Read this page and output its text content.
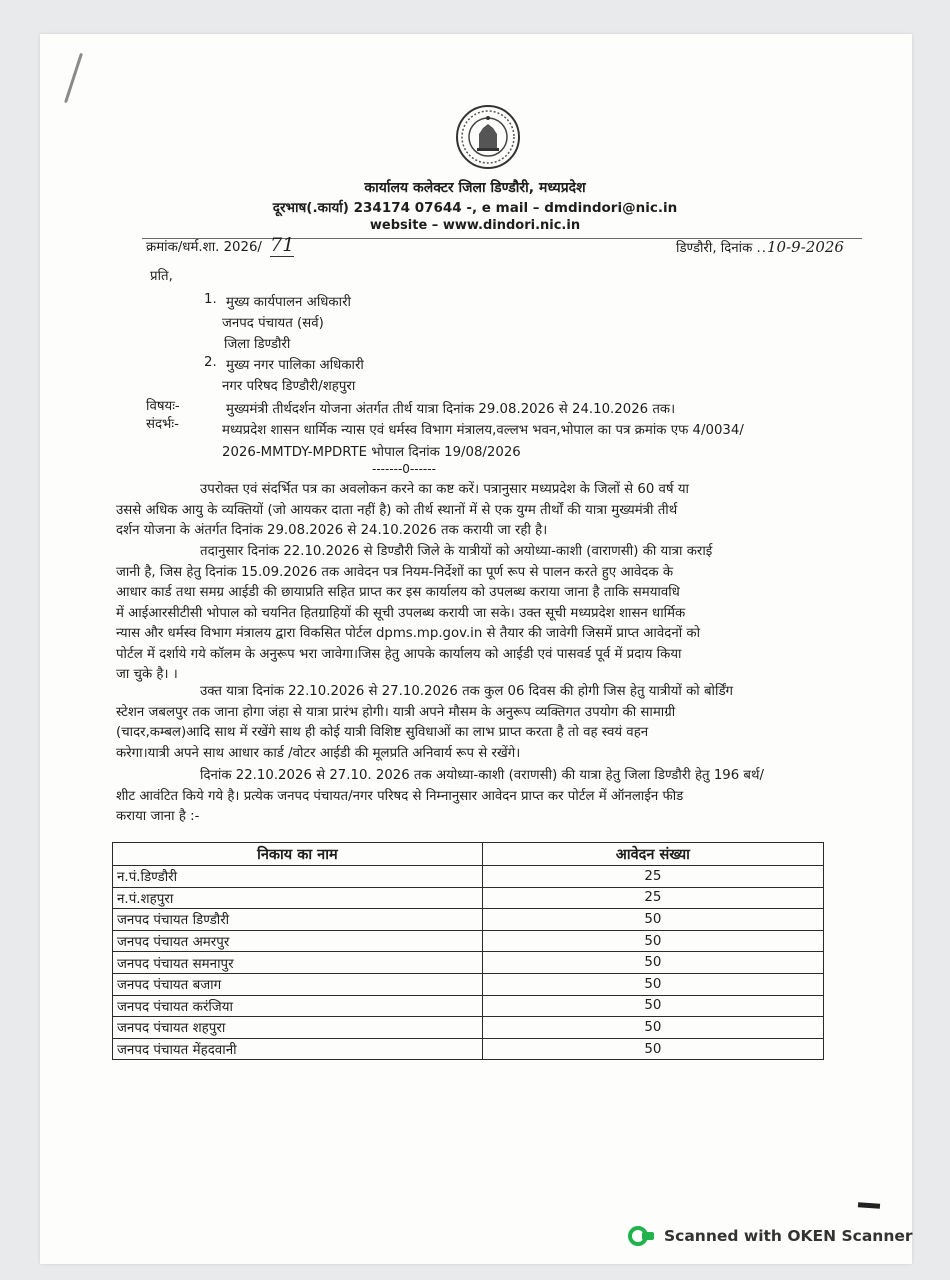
कार्यालय कलेक्टर जिला डिण्डौरी, मध्यप्रदेश
दूरभाष(.कार्या) 234174 07644 -, e mail – dmdindori@nic.in
website – www.dindori.nic.in
क्रमांक/धर्म.शा. 2026/ 71	डिण्डौरी, दिनांक ..10-9-2026
प्रति,
1. मुख्य कार्यपालन अधिकारी
जनपद पंचायत (सर्व)
जिला डिण्डौरी
2. मुख्य नगर पालिका अधिकारी
नगर परिषद डिण्डौरी/शहपुरा
विषयः-	मुख्यमंत्री तीर्थदर्शन योजना अंतर्गत तीर्थ यात्रा दिनांक 29.08.2026 से 24.10.2026 तक।
संदर्भः-	मध्यप्रदेश शासन धार्मिक न्यास एवं धर्मस्व विभाग मंत्रालय,वल्लभ भवन,भोपाल का पत्र क्रमांक एफ 4/0034/
2026-MMTDY-MPDRTE भोपाल दिनांक 19/08/2026
-------0------
उपरोक्त एवं संदर्भित पत्र का अवलोकन करने का कष्ट करें। पत्रानुसार मध्यप्रदेश के जिलों से 60 वर्ष या
उससे अधिक आयु के व्यक्तियों (जो आयकर दाता नहीं है) को तीर्थ स्थानों में से एक युग्म तीर्थों की यात्रा मुख्यमंत्री तीर्थ
दर्शन योजना के अंतर्गत दिनांक 29.08.2026 से 24.10.2026 तक करायी जा रही है।
तदानुसार दिनांक 22.10.2026 से डिण्डौरी जिले के यात्रीयों को अयोध्या-काशी (वाराणसी) की यात्रा कराई
जानी है, जिस हेतु दिनांक 15.09.2026 तक आवेदन पत्र नियम-निर्देशों का पूर्ण रूप से पालन करते हुए आवेदक के
आधार कार्ड तथा समग्र आईडी की छायाप्रति सहित प्राप्त कर इस कार्यालय को उपलब्ध कराया जाना है ताकि समयावधि
में आईआरसीटीसी भोपाल को चयनित हितग्राहियों की सूची उपलब्ध करायी जा सके। उक्त सूची मध्यप्रदेश शासन धार्मिक
न्यास और धर्मस्व विभाग मंत्रालय द्वारा विकसित पोर्टल dpms.mp.gov.in से तैयार की जावेगी जिसमें प्राप्त आवेदनों को
पोर्टल में दर्शाये गये कॉलम के अनुरूप भरा जावेगा।जिस हेतु आपके कार्यालय को आईडी एवं पासवर्ड पूर्व में प्रदाय किया
जा चुके है। ।
उक्त यात्रा दिनांक 22.10.2026 से 27.10.2026 तक कुल 06 दिवस की होगी जिस हेतु यात्रीयों को बोर्डिंग
स्टेशन जबलपुर तक जाना होगा जंहा से यात्रा प्रारंभ होगी। यात्री अपने मौसम के अनुरूप व्यक्तिगत उपयोग की सामाग्री
(चादर,कम्बल)आदि साथ में रखेंगे साथ ही कोई यात्री विशिष्ट सुविधाओं का लाभ प्राप्त करता है तो वह स्वयं वहन
करेगा।यात्री अपने साथ आधार कार्ड /वोटर आईडी की मूलप्रति अनिवार्य रूप से रखेंगे।
दिनांक 22.10.2026 से 27.10. 2026 तक अयोध्या-काशी (वराणसी) की यात्रा हेतु जिला डिण्डौरी हेतु 196 बर्थ/
शीट आवंटित किये गये है। प्रत्येक जनपद पंचायत/नगर परिषद से निम्नानुसार आवेदन प्राप्त कर पोर्टल में ऑनलाईन फीड
कराया जाना है :-
निकाय का नाम	आवेदन संख्या
न.पं.डिण्डौरी	25
न.पं.शहपुरा	25
जनपद पंचायत डिण्डौरी	50
जनपद पंचायत अमरपुर	50
जनपद पंचायत समनापुर	50
जनपद पंचायत बजाग	50
जनपद पंचायत करंजिया	50
जनपद पंचायत शहपुरा	50
जनपद पंचायत मेंहदवानी	50
Scanned with OKEN Scanner
